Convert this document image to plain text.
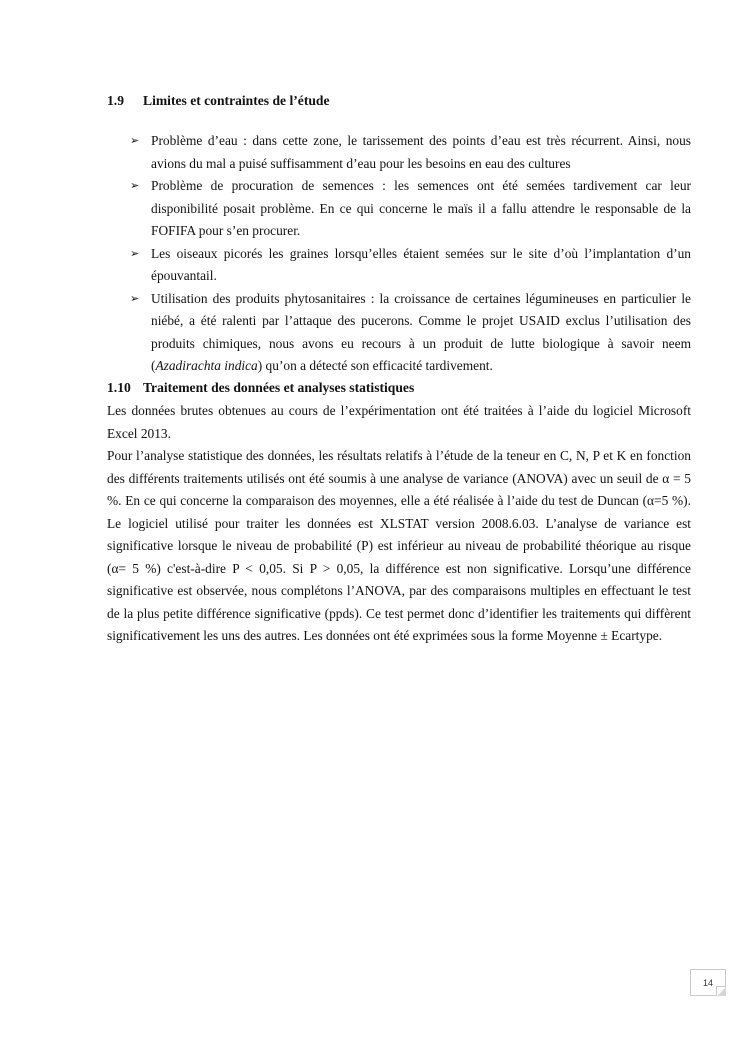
1.9 Limites et contraintes de l’étude
➢ Problème d’eau : dans cette zone, le tarissement des points d’eau est très récurrent. Ainsi, nous avions du mal a puisé suffisamment d’eau pour les besoins en eau des cultures
➢ Problème de procuration de semences : les semences ont été semées tardivement car leur disponibilité posait problème. En ce qui concerne le maïs il a fallu attendre le responsable de la FOFIFA pour s’en procurer.
➢ Les oiseaux picorés les graines lorsqu’elles étaient semées sur le site d’où l’implantation d’un épouvantail.
➢ Utilisation des produits phytosanitaires : la croissance de certaines légumineuses en particulier le niébé, a été ralenti par l’attaque des pucerons. Comme le projet USAID exclus l’utilisation des produits chimiques, nous avons eu recours à un produit de lutte biologique à savoir neem (Azadirachta indica) qu’on a détecté son efficacité tardivement.
1.10 Traitement des données et analyses statistiques

Les données brutes obtenues au cours de l’expérimentation ont été traitées à l’aide du logiciel Microsoft Excel 2013.

Pour l’analyse statistique des données, les résultats relatifs à l’étude de la teneur en C, N, P et K en fonction des différents traitements utilisés ont été soumis à une analyse de variance (ANOVA) avec un seuil de α = 5 %. En ce qui concerne la comparaison des moyennes, elle a été réalisée à l’aide du test de Duncan (α=5 %). Le logiciel utilisé pour traiter les données est XLSTAT version 2008.6.03. L’analyse de variance est significative lorsque le niveau de probabilité (P) est inférieur au niveau de probabilité théorique au risque (α= 5 %) c'est-à-dire P < 0,05. Si P > 0,05, la différence est non significative. Lorsqu’une différence significative est observée, nous complétons l’ANOVA, par des comparaisons multiples en effectuant le test de la plus petite différence significative (ppds). Ce test permet donc d’identifier les traitements qui diffèrent significativement les uns des autres. Les données ont été exprimées sous la forme Moyenne ± Ecartype.

14
